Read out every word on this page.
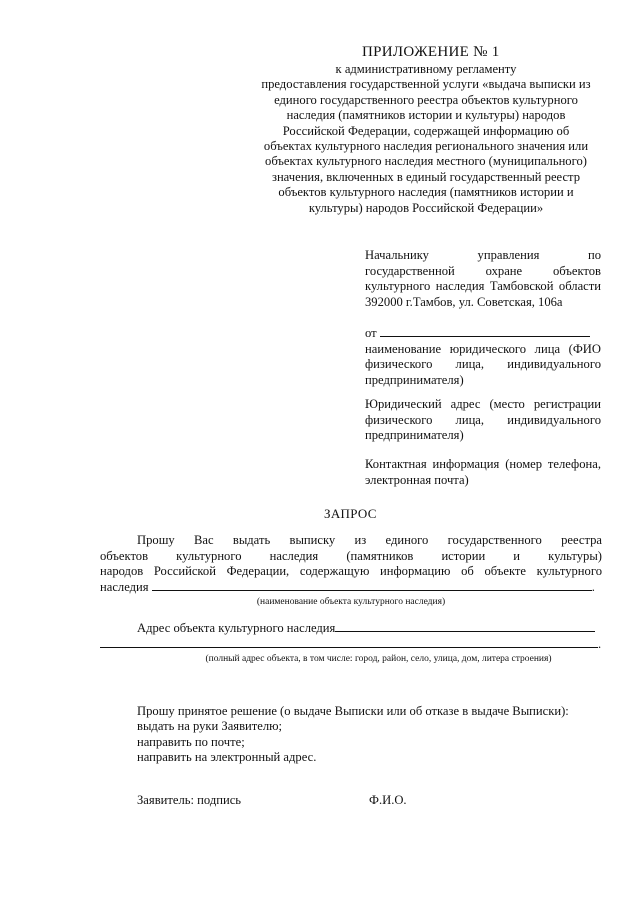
ПРИЛОЖЕНИЕ № 1
к административному регламенту
предоставления государственной услуги «выдача выписки из
единого государственного реестра объектов культурного
наследия (памятников истории и культуры) народов
Российской Федерации, содержащей информацию об
объектах культурного наследия регионального значения или
объектах культурного наследия местного (муниципального)
значения, включенных в единый государственный реестр
объектов культурного наследия (памятников истории и
культуры) народов Российской Федерации»
Начальнику управления по
государственной охране объектов
культурного наследия Тамбовской области
392000 г.Тамбов, ул. Советская, 106а
от
наименование юридического лица (ФИО
физического лица, индивидуального
предпринимателя)
Юридический адрес (место регистрации
физического лица, индивидуального
предпринимателя)
Контактная информация (номер телефона,
электронная почта)
ЗАПРОС
Прошу Вас выдать выписку из единого государственного реестра
объектов культурного наследия (памятников истории и культуры)
народов Российской Федерации, содержащую информацию об объекте культурного
наследия	.
(наименование объекта культурного наследия)
Адрес объекта культурного наследия
.
(полный адрес объекта, в том числе: город, район, село, улица, дом, литера строения)
Прошу принятое решение (о выдаче Выписки или об отказе в выдаче Выписки):
выдать на руки Заявителю;
направить по почте;
направить на электронный адрес.
Заявитель: подпись	Ф.И.О.
